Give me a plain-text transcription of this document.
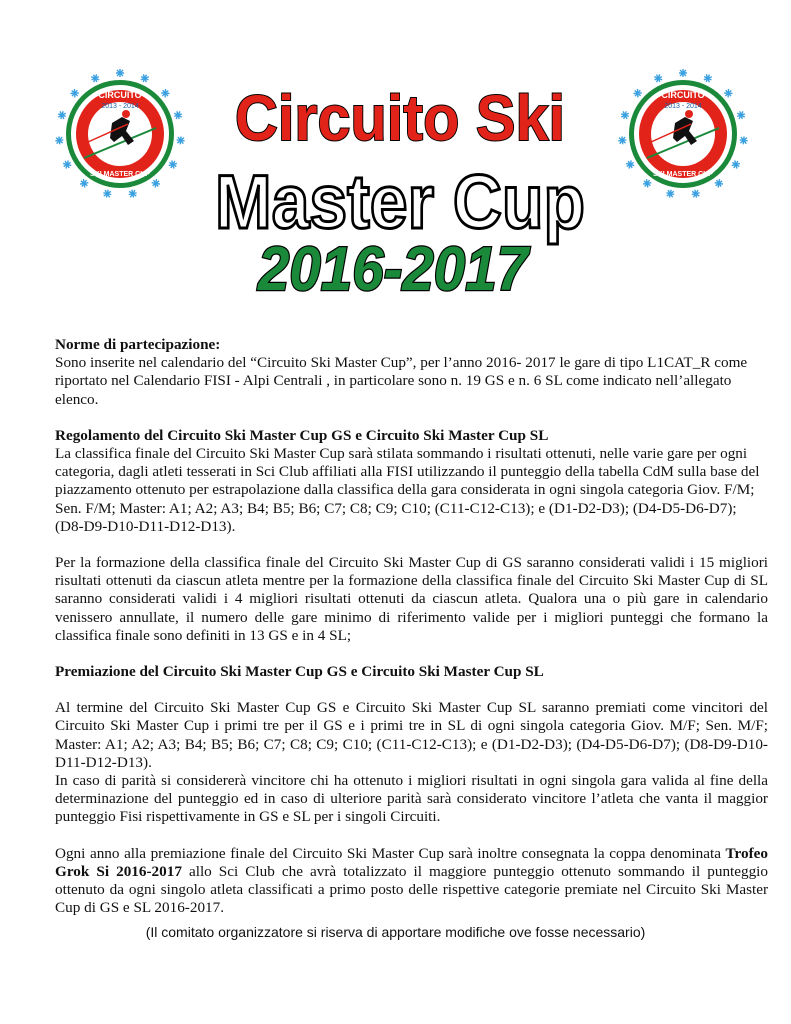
CIRCUITO
2013 - 2014
SKI MASTER CUP
CIRCUITO
2013 - 2014
SKI MASTER CUP
Circuito Ski
Master Cup
2016-2017

Norme di partecipazione:

Sono inserite nel calendario del “Circuito Ski Master Cup”, per l’anno 2016- 2017 le gare di tipo L1CAT_R come riportato nel Calendario FISI - Alpi Centrali , in particolare sono n. 19 GS e n. 6 SL come indicato nell’allegato elenco.

Regolamento del Circuito Ski Master Cup GS e Circuito Ski Master Cup SL

La classifica finale del Circuito Ski Master Cup sarà stilata sommando i risultati ottenuti, nelle varie gare per ogni categoria, dagli atleti tesserati in Sci Club affiliati alla FISI utilizzando il punteggio della tabella CdM sulla base del piazzamento ottenuto per estrapolazione dalla classifica della gara considerata in ogni singola categoria Giov. F/M; Sen. F/M; Master: A1; A2; A3; B4; B5; B6; C7; C8; C9; C10; (C11-C12-C13); e (D1-D2-D3); (D4-D5-D6-D7); (D8-D9-D10-D11-D12-D13).

Per la formazione della classifica finale del Circuito Ski Master Cup di GS saranno considerati validi i 15 migliori risultati ottenuti da ciascun atleta mentre per la formazione della classifica finale del Circuito Ski Master Cup di SL saranno considerati validi i 4 migliori risultati ottenuti da ciascun atleta. Qualora una o più gare in calendario venissero annullate, il numero delle gare minimo di riferimento valide per i migliori punteggi che formano la classifica finale sono definiti in 13 GS e in 4 SL;

Premiazione del Circuito Ski Master Cup GS e Circuito Ski Master Cup SL

Al termine del Circuito Ski Master Cup GS e Circuito Ski Master Cup SL saranno premiati come vincitori del Circuito Ski Master Cup i primi tre per il GS e i primi tre in SL di ogni singola categoria Giov. M/F; Sen. M/F; Master: A1; A2; A3; B4; B5; B6; C7; C8; C9; C10; (C11-C12-C13); e (D1-D2-D3); (D4-D5-D6-D7); (D8-D9-D10-D11-D12-D13).

In caso di parità si considererà vincitore chi ha ottenuto i migliori risultati in ogni singola gara valida al fine della determinazione del punteggio ed in caso di ulteriore parità sarà considerato vincitore l’atleta che vanta il maggior punteggio Fisi rispettivamente in GS e SL per i singoli Circuiti.

Ogni anno alla premiazione finale del Circuito Ski Master Cup sarà inoltre consegnata la coppa denominata Trofeo Grok Si 2016-2017 allo Sci Club che avrà totalizzato il maggiore punteggio ottenuto sommando il punteggio ottenuto da ogni singolo atleta classificati a primo posto delle rispettive categorie premiate nel Circuito Ski Master Cup di GS e SL 2016-2017.

(Il comitato organizzatore si riserva di apportare modifiche ove fosse necessario)
